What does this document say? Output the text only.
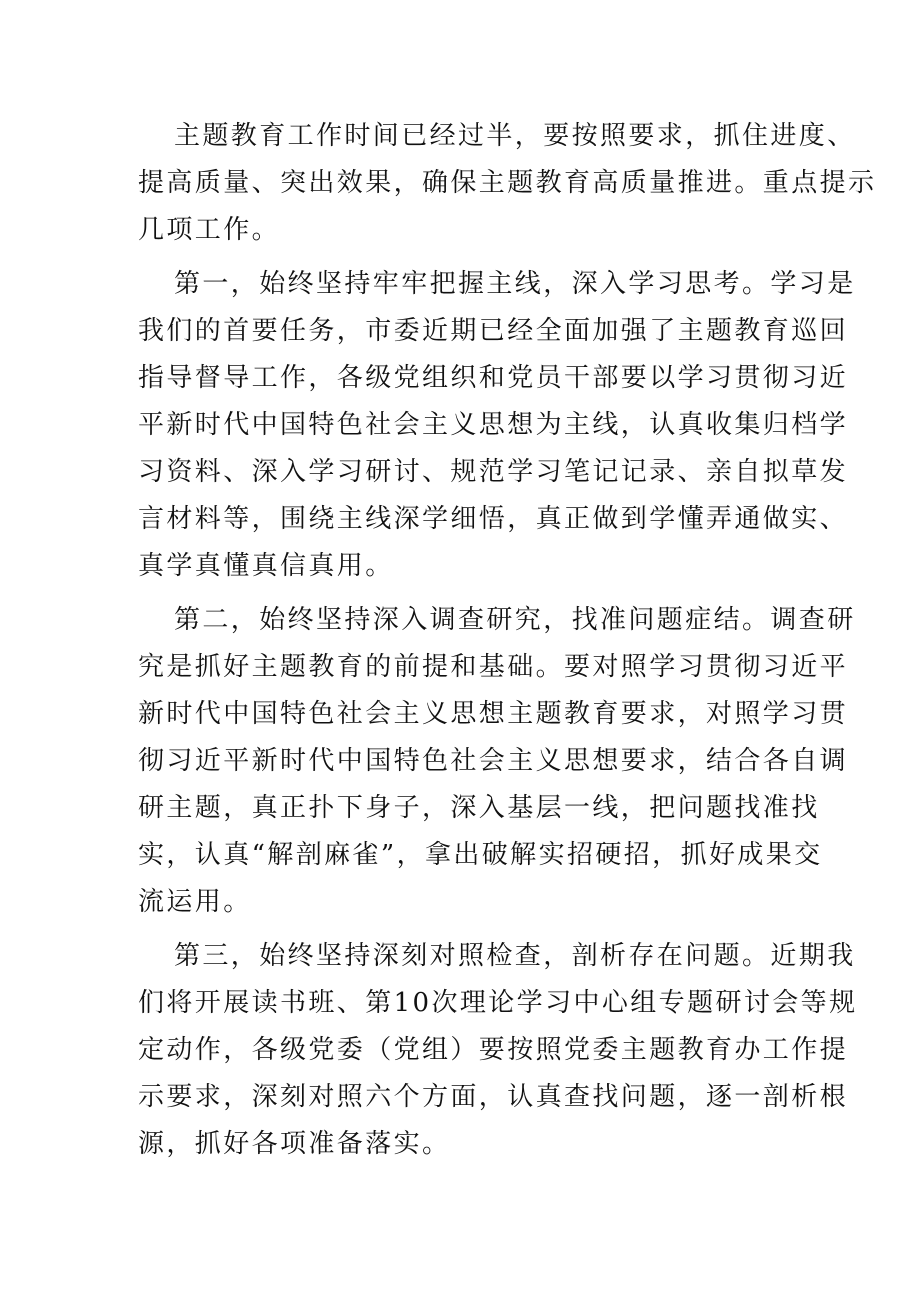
主题教育工作时间已经过半，要按照要求，抓住进度、
提高质量、突出效果，确保主题教育高质量推进。重点提示
几项工作。
第一，始终坚持牢牢把握主线，深入学习思考。学习是
我们的首要任务，市委近期已经全面加强了主题教育巡回
指导督导工作，各级党组织和党员干部要以学习贯彻习近
平新时代中国特色社会主义思想为主线，认真收集归档学
习资料、深入学习研讨、规范学习笔记记录、亲自拟草发
言材料等，围绕主线深学细悟，真正做到学懂弄通做实、
真学真懂真信真用。
第二，始终坚持深入调查研究，找准问题症结。调查研
究是抓好主题教育的前提和基础。要对照学习贯彻习近平
新时代中国特色社会主义思想主题教育要求，对照学习贯
彻习近平新时代中国特色社会主义思想要求，结合各自调
研主题，真正扑下身子，深入基层一线，把问题找准找
实，认真“解剖麻雀”，拿出破解实招硬招，抓好成果交
流运用。
第三，始终坚持深刻对照检查，剖析存在问题。近期我
们将开展读书班、第10次理论学习中心组专题研讨会等规
定动作，各级党委（党组）要按照党委主题教育办工作提
示要求，深刻对照六个方面，认真查找问题，逐一剖析根
源，抓好各项准备落实。
